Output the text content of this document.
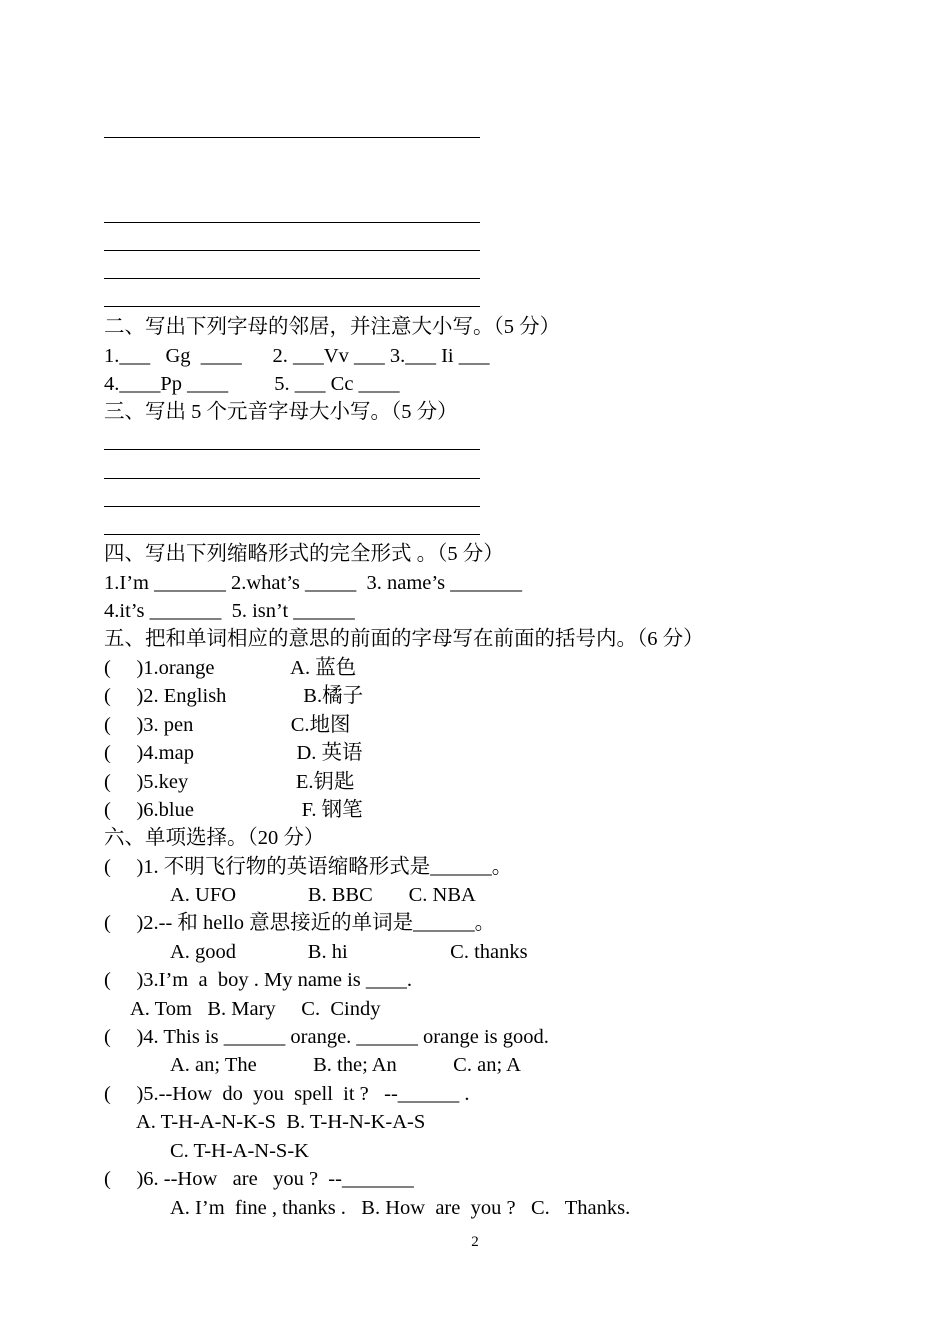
二、写出下列字母的邻居，并注意大小写。（5 分）
1.___   Gg  ____      2. ___Vv ___ 3.___ Ii ___
4.____Pp ____         5. ___ Cc ____
三、写出 5 个元音字母大小写。（5 分）
四、写出下列缩略形式的完全形式 。（5 分）
1.I’m _______ 2.what’s _____  3. name’s _______
4.it’s _______  5. isn’t ______
五、把和单词相应的意思的前面的字母写在前面的括号内。（6 分）
(     )1.orange               A. 蓝色
(     )2. English               B.橘子
(     )3. pen                   C.地图
(     )4.map                    D. 英语
(     )5.key                     E.钥匙
(     )6.blue                     F. 钢笔
六、单项选择。（20 分）
(     )1. 不明飞行物的英语缩略形式是______。
A. UFO              B. BBC       C. NBA
(     )2.-- 和 hello 意思接近的单词是______。
A. good              B. hi                    C. thanks
(     )3.I’m  a  boy . My name is ____.
A. Tom   B. Mary     C.  Cindy
(     )4. This is ______ orange. ______ orange is good.
A. an; The           B. the; An           C. an; A
(     )5.--How  do  you  spell  it ?   --______ .
A. T-H-A-N-K-S  B. T-H-N-K-A-S
C. T-H-A-N-S-K
(     )6. --How   are   you ?  --_______
A. I’m  fine , thanks .   B. How  are  you ?   C.   Thanks.
2
